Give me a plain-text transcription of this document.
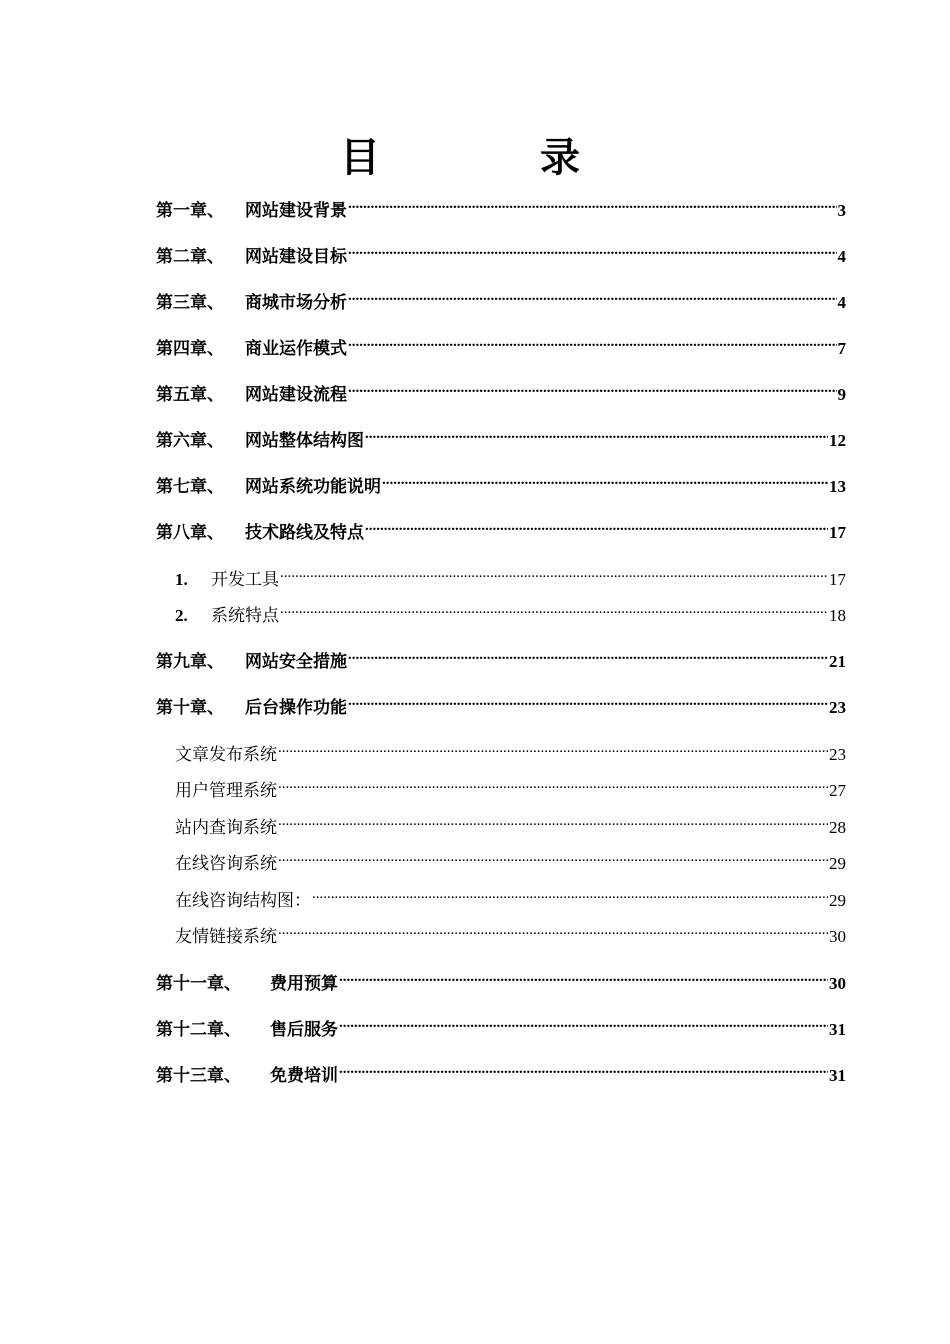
目　录
第一章、	网站建设背景 .....	3
第二章、	网站建设目标 .....	4
第三章、	商城市场分析 .....	4
第四章、	商业运作模式 .....	7
第五章、	网站建设流程 .....	9
第六章、	网站整体结构图 .....	12
第七章、	网站系统功能说明 .....	13
第八章、	技术路线及特点 .....	17
1.	开发工具 .....	17
2.	系统特点 .....	18
第九章、	网站安全措施 .....	21
第十章、	后台操作功能 .....	23
文章发布系统 .....	23
用户管理系统 .....	27
站内查询系统 .....	28
在线咨询系统 .....	29
在线咨询结构图： .....	29
友情链接系统 .....	30
第十一章、	费用预算 .....	30
第十二章、	售后服务 .....	31
第十三章、	免费培训 .....	31
